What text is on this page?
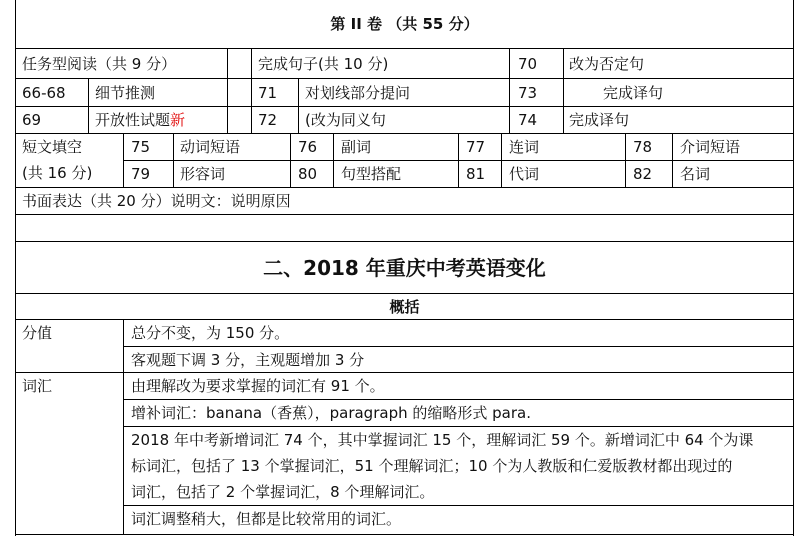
第 II 卷 （共 55 分）
任务型阅读（共 9 分）	完成句子(共 10 分)	70 改为否定句
66-68 细节推测	71 对划线部分提问	73	完成译句
69	开放性试题新	72 (改为同义句	74 完成译句
短文填空
(共 16 分)
75 动词短语	76 副词	77 连词	78 介词短语
79 形容词	80 句型搭配	81 代词	82 名词
书面表达（共 20 分）说明文：说明原因
二、2018 年重庆中考英语变化
概括
分值	总分不变，为 150 分。
客观题下调 3 分，主观题增加 3 分
词汇	由理解改为要求掌握的词汇有 91 个。
增补词汇：banana（香蕉），paragraph 的缩略形式 para.
2018 年中考新增词汇 74 个，其中掌握词汇 15 个，理解词汇 59 个。新增词汇中 64 个为课
标词汇，包括了 13 个掌握词汇，51 个理解词汇；10 个为人教版和仁爱版教材都出现过的
词汇，包括了 2 个掌握词汇，8 个理解词汇。
词汇调整稍大，但都是比较常用的词汇。
